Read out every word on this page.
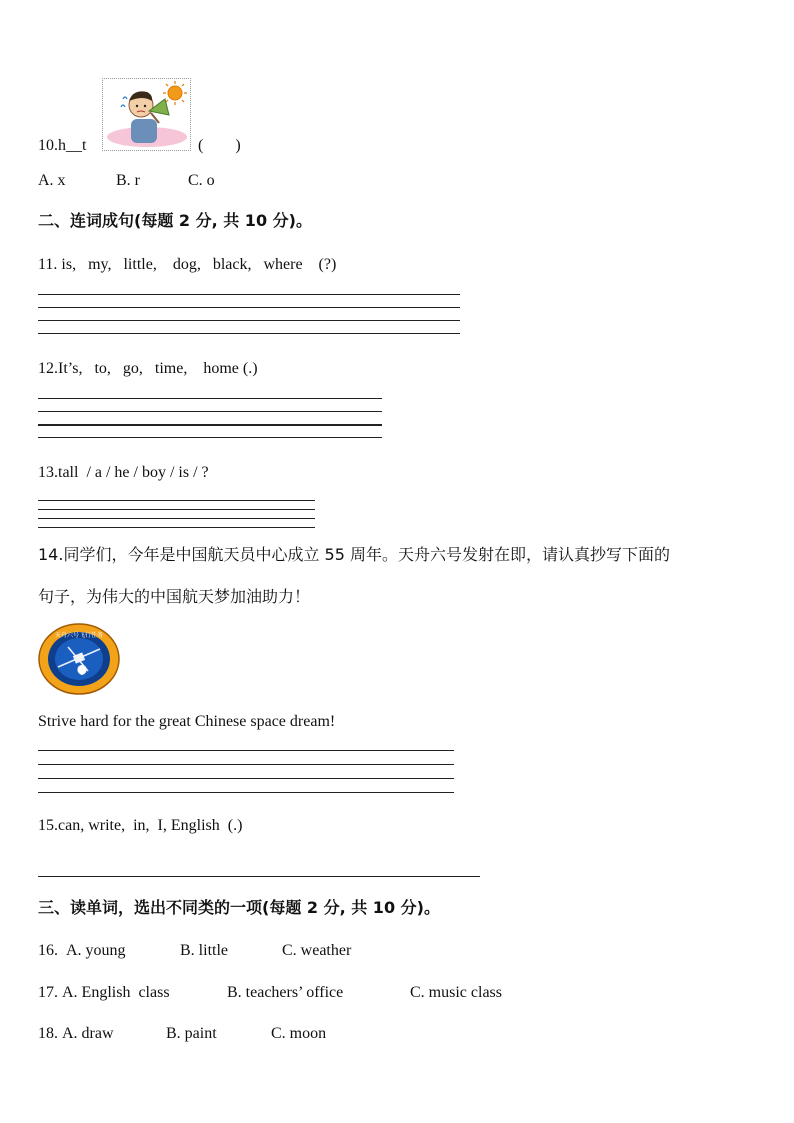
10.h__t	(        )
A. x	B. r	C. o
二、连词成句(每题 2 分, 共 10 分)。
11. is,   my,   little,    dog,   black,   where    (?)
12.It’s,   to,   go,   time,    home (.)
13.tall  / a / he / boy / is / ?
14.同学们，今年是中国航天员中心成立 55 周年。天舟六号发射在即，请认真抄写下面的
句子，为伟大的中国航天梦加油助力！
天舟六号飞行任务
Strive hard for the great Chinese space dream!
15.can, write,  in,  I, English  (.)
三、读单词，选出不同类的一项(每题 2 分, 共 10 分)。
16. A. young	B. little	C. weather
17. A. English  class	B. teachers’ office	C. music class
18. A. draw	B. paint	C. moon
